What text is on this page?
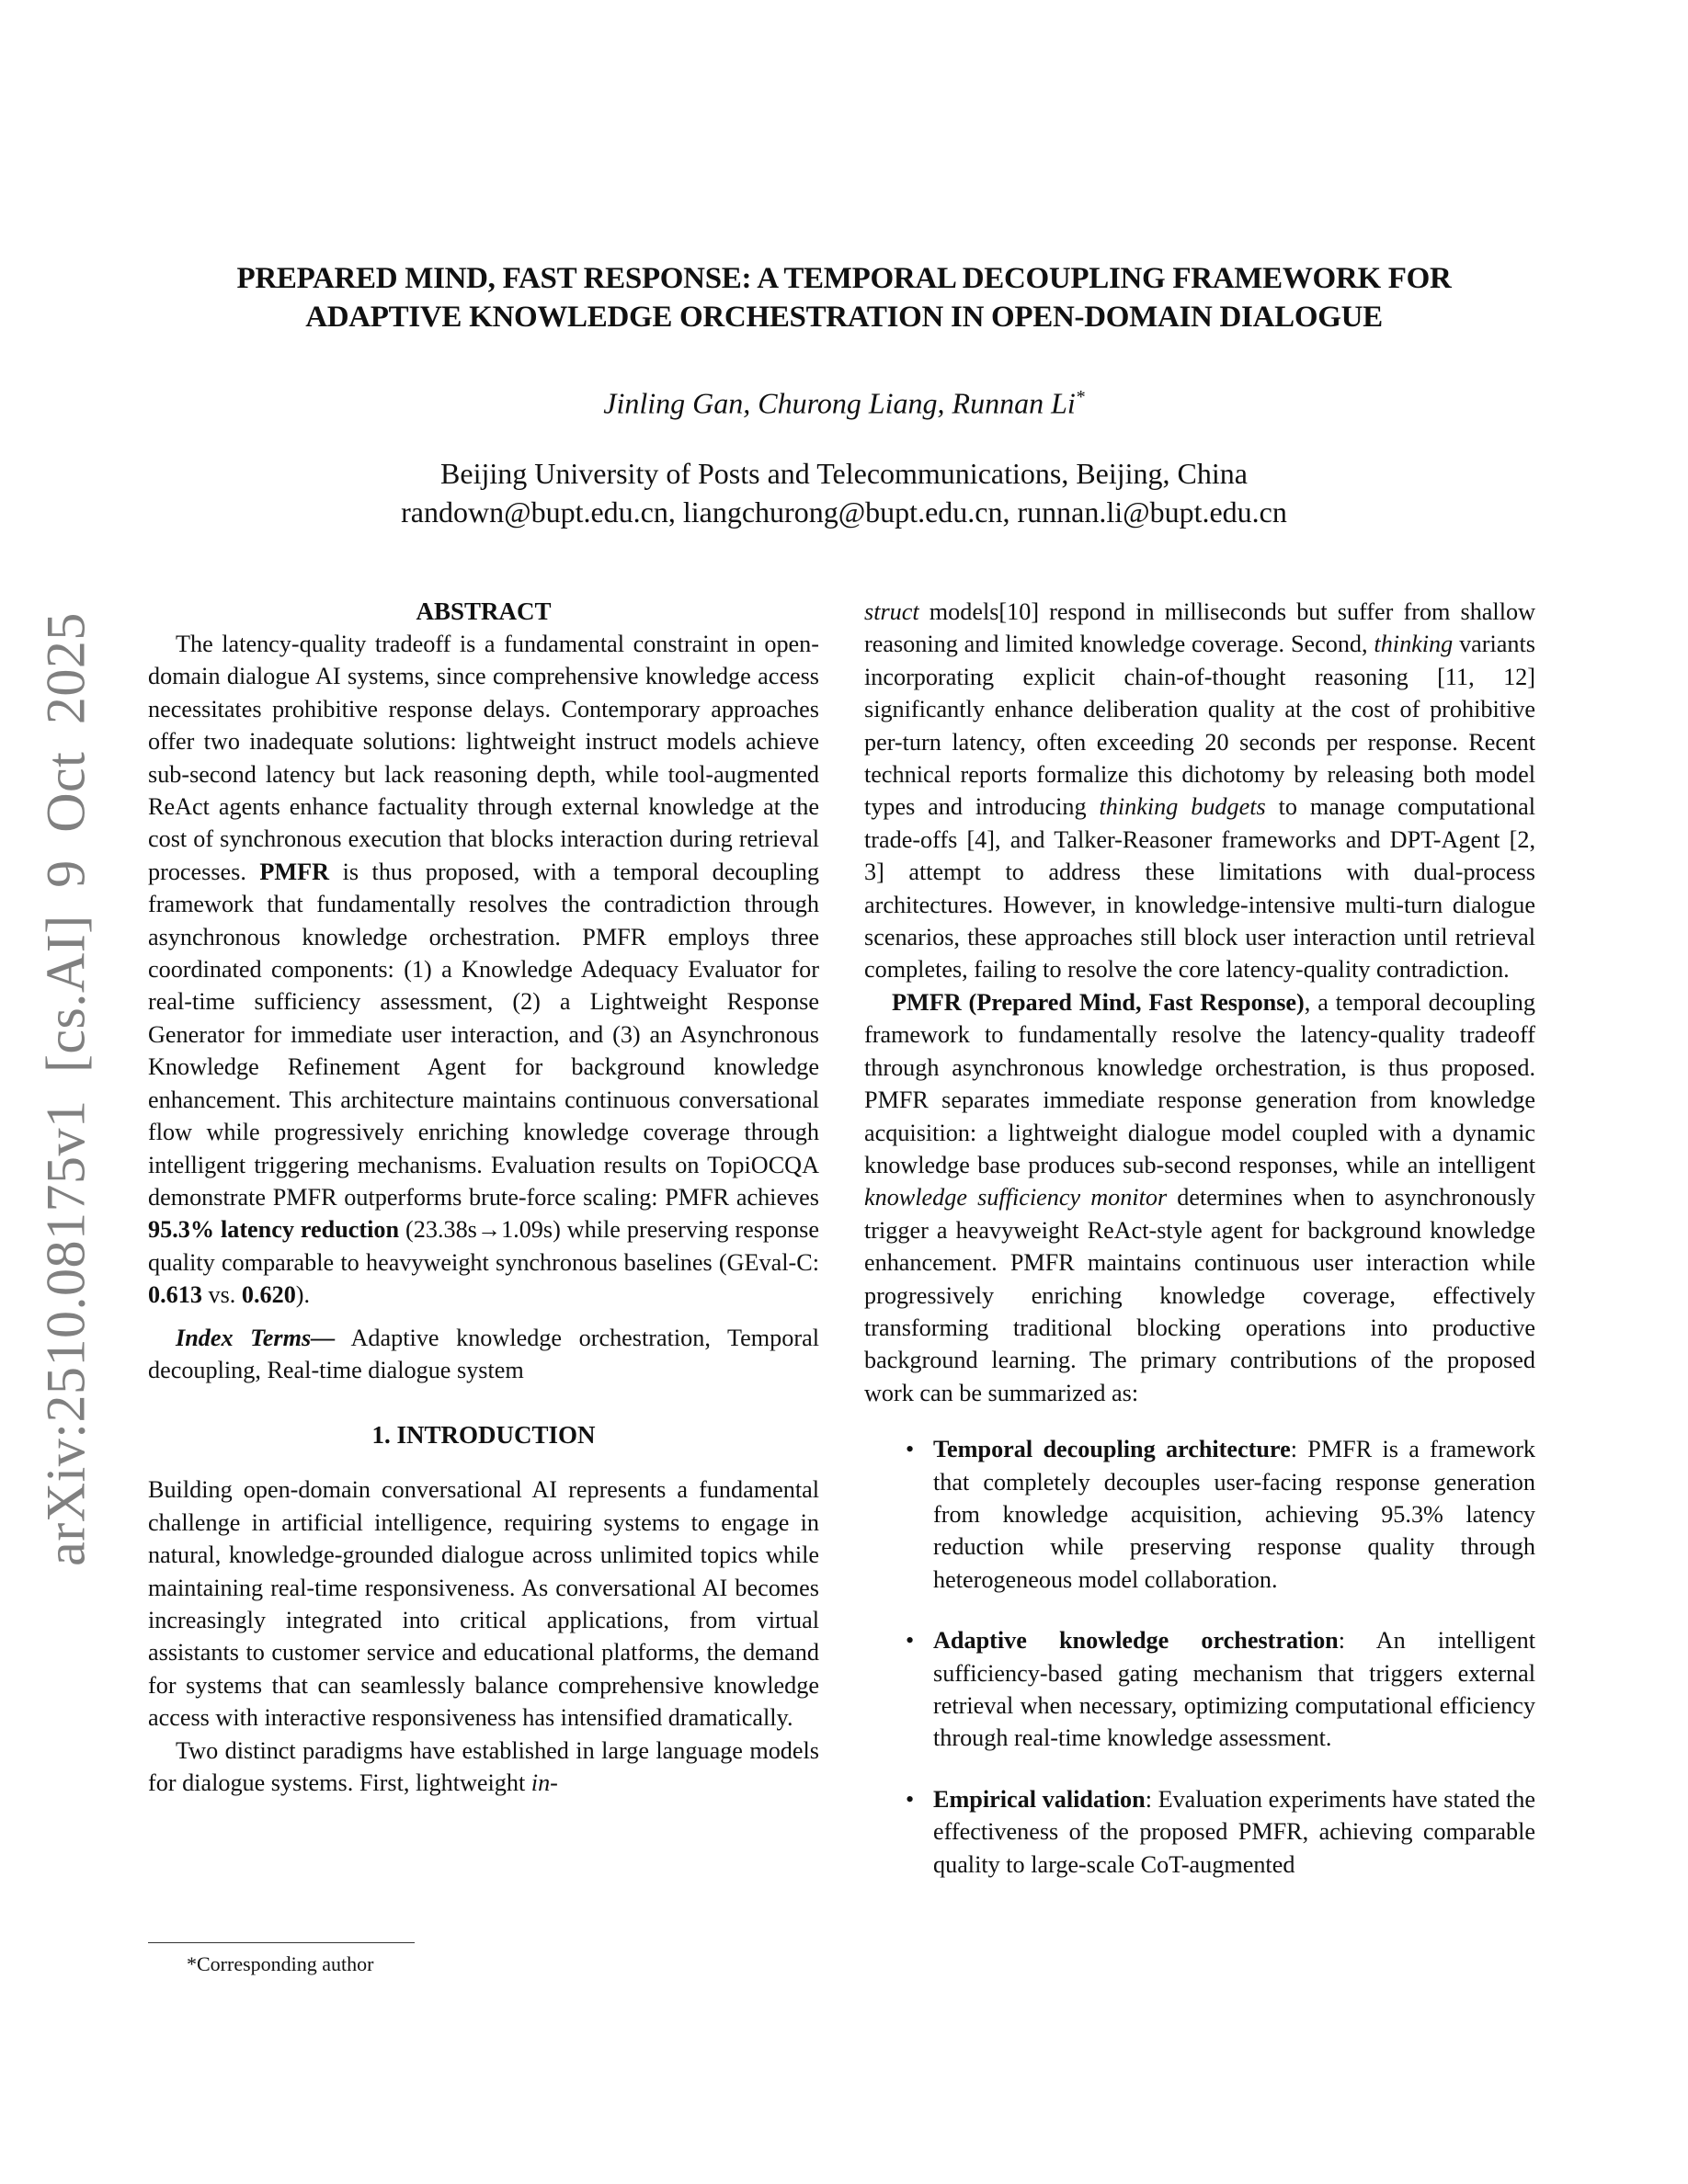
arXiv:2510.08175v1 [cs.AI] 9 Oct 2025
PREPARED MIND, FAST RESPONSE: A TEMPORAL DECOUPLING FRAMEWORK FOR
ADAPTIVE KNOWLEDGE ORCHESTRATION IN OPEN-DOMAIN DIALOGUE
Jinling Gan, Churong Liang, Runnan Li*
Beijing University of Posts and Telecommunications, Beijing, China
randown@bupt.edu.cn, liangchurong@bupt.edu.cn, runnan.li@bupt.edu.cn
ABSTRACT

The latency-quality tradeoff is a fundamental constraint in open-domain dialogue AI systems, since comprehensive knowledge access necessitates prohibitive response delays. Contemporary approaches offer two inadequate solutions: lightweight instruct models achieve sub-second latency but lack reasoning depth, while tool-augmented ReAct agents enhance factuality through external knowledge at the cost of synchronous execution that blocks interaction during retrieval processes. PMFR is thus proposed, with a temporal decoupling framework that fundamentally resolves the contradiction through asynchronous knowledge orchestration. PMFR employs three coordinated components: (1) a Knowledge Adequacy Evaluator for real-time sufficiency assessment, (2) a Lightweight Response Generator for immediate user interaction, and (3) an Asynchronous Knowledge Refinement Agent for background knowledge enhancement. This architecture maintains continuous conversational flow while progressively enriching knowledge coverage through intelligent triggering mechanisms. Evaluation results on TopiOCQA demonstrate PMFR outperforms brute-force scaling: PMFR achieves 95.3% latency reduction (23.38s→1.09s) while preserving response quality comparable to heavyweight synchronous baselines (GEval-C: 0.613 vs. 0.620).

Index Terms— Adaptive knowledge orchestration, Temporal decoupling, Real-time dialogue system

1. INTRODUCTION

Building open-domain conversational AI represents a fundamental challenge in artificial intelligence, requiring systems to engage in natural, knowledge-grounded dialogue across unlimited topics while maintaining real-time responsiveness. As conversational AI becomes increasingly integrated into critical applications, from virtual assistants to customer service and educational platforms, the demand for systems that can seamlessly balance comprehensive knowledge access with interactive responsiveness has intensified dramatically.

Two distinct paradigms have established in large language models for dialogue systems. First, lightweight in-

*Corresponding author

struct models[10] respond in milliseconds but suffer from shallow reasoning and limited knowledge coverage. Second, thinking variants incorporating explicit chain-of-thought reasoning [11, 12] significantly enhance deliberation quality at the cost of prohibitive per-turn latency, often exceeding 20 seconds per response. Recent technical reports formalize this dichotomy by releasing both model types and introducing thinking budgets to manage computational trade-offs [4], and Talker-Reasoner frameworks and DPT-Agent [2, 3] attempt to address these limitations with dual-process architectures. However, in knowledge-intensive multi-turn dialogue scenarios, these approaches still block user interaction until retrieval completes, failing to resolve the core latency-quality contradiction.

PMFR (Prepared Mind, Fast Response), a temporal decoupling framework to fundamentally resolve the latency-quality tradeoff through asynchronous knowledge orchestration, is thus proposed. PMFR separates immediate response generation from knowledge acquisition: a lightweight dialogue model coupled with a dynamic knowledge base produces sub-second responses, while an intelligent knowledge sufficiency monitor determines when to asynchronously trigger a heavyweight ReAct-style agent for background knowledge enhancement. PMFR maintains continuous user interaction while progressively enriching knowledge coverage, effectively transforming traditional blocking operations into productive background learning. The primary contributions of the proposed work can be summarized as:

• Temporal decoupling architecture: PMFR is a framework that completely decouples user-facing response generation from knowledge acquisition, achieving 95.3% latency reduction while preserving response quality through heterogeneous model collaboration.
• Adaptive knowledge orchestration: An intelligent sufficiency-based gating mechanism that triggers external retrieval when necessary, optimizing computational efficiency through real-time knowledge assessment.
• Empirical validation: Evaluation experiments have stated the effectiveness of the proposed PMFR, achieving comparable quality to large-scale CoT-augmented
